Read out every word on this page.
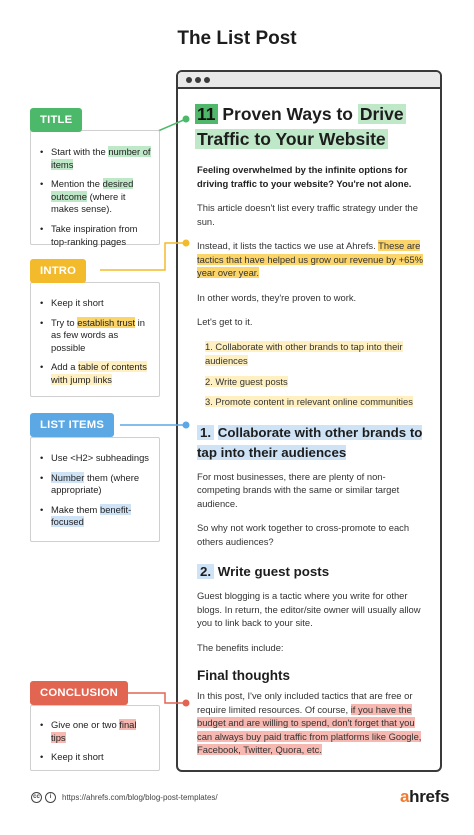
The List Post
11 Proven Ways to Drive
Traffic to Your Website
Feeling overwhelmed by the infinite options for driving traffic to your website? You're not alone.
This article doesn't list every traffic strategy under the sun.
Instead, it lists the tactics we use at Ahrefs. These are tactics that have helped us grow our revenue by +65% year over year.
In other words, they're proven to work.
Let's get to it.
1. Collaborate with other brands to tap into their audiences
2. Write guest posts
3. Promote content in relevant online communities
1. Collaborate with other brands to tap into their audiences
For most businesses, there are plenty of non-competing brands with the same or similar target audience.
So why not work together to cross-promote to each others audiences?
2. Write guest posts
Guest blogging is a tactic where you write for other blogs. In return, the editor/site owner will usually allow you to link back to your site.
The benefits include:
Final thoughts
In this post, I've only included tactics that are free or require limited resources. Of course, if you have the budget and are willing to spend, don't forget that you can always buy paid traffic from platforms like Google, Facebook, Twitter, Quora, etc.
• Start with the number of items
• Mention the desired outcome (where it makes sense).
• Take inspiration from top-ranking pages
TITLE
• Keep it short
• Try to establish trust in as few words as possible
• Add a table of contents with jump links
INTRO
• Use <H2> subheadings
• Number them (where appropriate)
• Make them benefit-focused
LIST ITEMS
• Give one or two final tips
• Keep it short
CONCLUSION
cc	i	https://ahrefs.com/blog/blog-post-templates/	ahrefs
